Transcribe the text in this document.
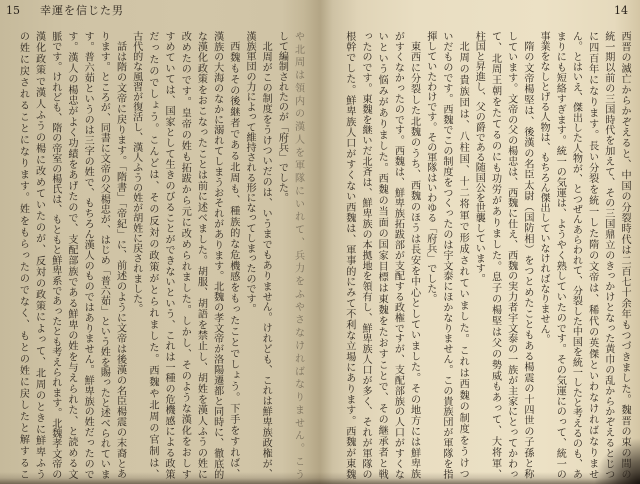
15 幸運を信じた男	14
西晋の滅亡からかぞえると、中国の分裂時代は二百七十余年もつづきました。魏晋の束の間の
統一期以前の三国時代を加えて、その三国鼎立のきっかけとなった黄巾の乱からかぞえるとじつ
に四百年になります。長い分裂を統一した隋の文帝は、稀代の英傑といわなければなりませ
ん。とはいえ、傑出した人物が、とつぜんあらわれて、分裂した中国を統一したと考えるのも、あ
まりにも短絡すぎます。統一の気運は、ようやく熟していたのです。その気運にのって、統一の
事業をなしとげる人物は、もちろん傑出していなければなりません。
隋の文帝楊堅は、後漢の名臣太尉（国防相）をつとめたこともある楊震の十四世の子孫と称
しています。文帝の父の楊忠は、西魏に仕え、西魏の実力者宇文泰の一族が主家にとってかわっ
て、北周王朝をたてるのにも功労がありました。息子の楊堅は父の勢威もあって、大将軍、
柱国と昇進し、父の爵である随国公を世襲しています。
北周の貴族団は、八柱国、十二将軍で形成されていました。これは西魏の制度をうけつ
いだものです。西魏でこの制度をつくったのは宇文泰にほかなりません。この貴族団が軍隊を指
揮していたわけです。その軍隊はいわゆる「府兵」でした。
東西に分裂した北魏のうち、西魏のほうは長安を中心としていました。その地方には鮮卑族
がすくなかったのです。西魏は、鮮卑族拓跋部が支配する政権ですが、支配部族の人口がすくな
いという悩みがありました。西魏の当面の国家目標は東魏をたおすことで、その継承者と戦
ったのです。東魏を継いだ北斉は、鮮卑族の本拠地を領有し、鮮卑族人口が多く、それが軍隊の
根幹でした。鮮卑族人口がすくない西魏は、軍事的にみて不利な立場にあります。西魏が東魏
や北周は領内の漢人を軍隊にいれて、兵力をふやさなければなりません。こう
して編制されたのが「府兵」でした。
北周がこの制度をうけついだのは、いうまでもありません。けれども、これは鮮卑族政権が、
漢族軍団の力によって維持される形になってしまったのです。
西魏もその後継者である北周も、種族的な危機感をもったことでしょう。下手をすれば、
漢族の大海のなかに溺れてしまうおそれがあります。北魏の孝文帝が洛陽遷都と同時に、徹底的
な漢化政策をおこなったことは前に述べました。胡服、胡語を禁止し、胡姓を漢人ふうの姓に
改めたのです。皇帝の姓も拓跋から元に改められました。しかし、そのような漢化をおしす
すめていては、国家として生きのびることができないという、これは一種の危機感による政策
だったのでしょう。こんどは、その反対の政策がとられました。西魏や北周の官制は、
古代的な風習が復活し、漢人ふうの姓が胡姓に戻されました。
話は隋の文帝に戻ります。「隋書」「帝紀」に、前述のように文帝は後漢の名臣楊震の末裔とあ
ります。ところが、同書に文帝の父楊忠が、はじめ「普六茹」という姓を賜ったと述べられていま
す。普六茹というのは三字の姓で、もちろん漢人のものではありません。鮮卑族の姓だったので
す。漢人の楊忠がよく功績をあげたので、支配部族である鮮卑の姓を与えられた、と読める文
脈です。けれども、隋の帝室の楊氏は、もともと鮮卑系であったとも考えられます。北魏孝文帝の
漢化政策で漢人ふうの楊に改めていたのが、反対の政策によって、北周のときに鮮卑ふう
の姓に戻されることになります。姓をもらったのでなく、もとの姓に戻したと解するこ
